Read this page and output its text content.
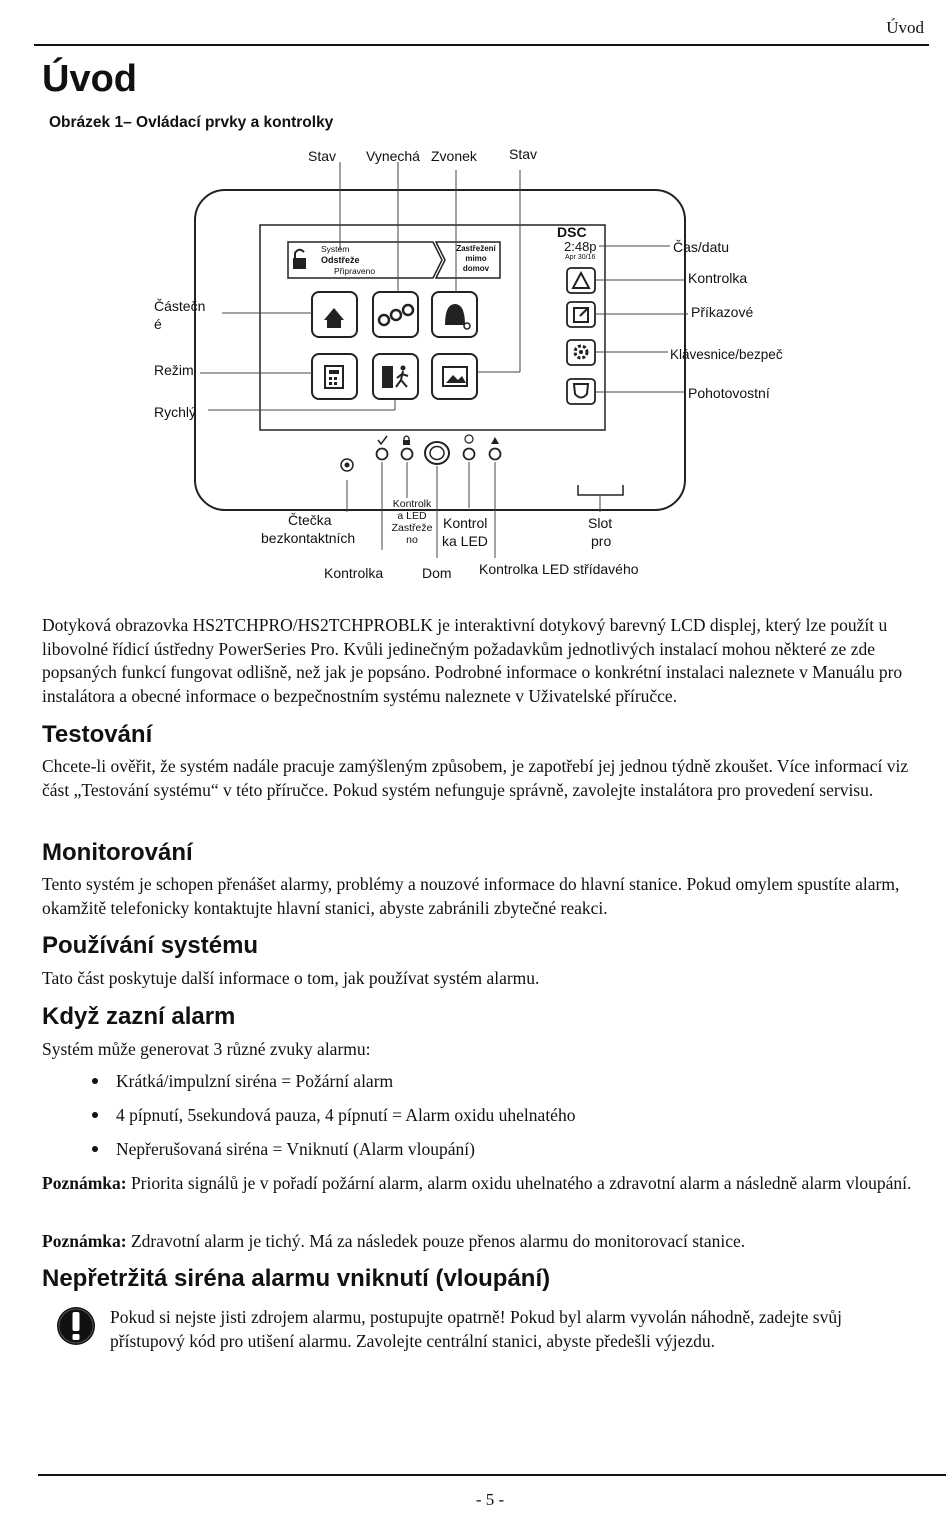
Úvod
Úvod
Obrázek 1– Ovládací prvky a kontrolky
Systém
Odstřeže
Připraveno
Zastřežení
mimo
domov
DSC
2:48p
Apr 30/16
Stav Vynechá Zvonek Stav
Čas/datu
Kontrolka
Příkazové
Klávesnice/bezpeč
Pohotovostní
Částečn
é
Režim
Rychlý
Čtečka
bezkontaktních
Kontrolka
Kontrolk
a LED
Zastřeže
no
Kontrol
ka LED
Dom Kontrolka LED střídavého
Slot
pro

Dotyková obrazovka HS2TCHPRO/HS2TCHPROBLK je interaktivní dotykový barevný LCD displej, který lze použít u libovolné řídicí ústředny PowerSeries Pro. Kvůli jedinečným požadavkům jednotlivých instalací mohou některé ze zde popsaných funkcí fungovat odlišně, než jak je popsáno. Podrobné informace o konkrétní instalaci naleznete v Manuálu pro instalátora a obecné informace o bezpečnostním systému naleznete v Uživatelské příručce.

Testování

Chcete-li ověřit, že systém nadále pracuje zamýšleným způsobem, je zapotřebí jej jednou týdně zkoušet. Více informací viz část „Testování systému“ v této příručce. Pokud systém nefunguje správně, zavolejte instalátora pro provedení servisu.

Monitorování

Tento systém je schopen přenášet alarmy, problémy a nouzové informace do hlavní stanice. Pokud omylem spustíte alarm, okamžitě telefonicky kontaktujte hlavní stanici, abyste zabránili zbytečné reakci.

Používání systému

Tato část poskytuje další informace o tom, jak používat systém alarmu.

Když zazní alarm

Systém může generovat 3 různé zvuky alarmu:

Krátká/impulzní siréna = Požární alarm
4 pípnutí, 5sekundová pauza, 4 pípnutí = Alarm oxidu uhelnatého
Nepřerušovaná siréna = Vniknutí (Alarm vloupání)

Poznámka: Priorita signálů je v pořadí požární alarm, alarm oxidu uhelnatého a zdravotní alarm a následně alarm vloupání.

Poznámka: Zdravotní alarm je tichý. Má za následek pouze přenos alarmu do monitorovací stanice.

Nepřetržitá siréna alarmu vniknutí (vloupání)

Pokud si nejste jisti zdrojem alarmu, postupujte opatrně! Pokud byl alarm vyvolán náhodně, zadejte svůj přístupový kód pro utišení alarmu. Zavolejte centrální stanici, abyste předešli výjezdu.

- 5 -
